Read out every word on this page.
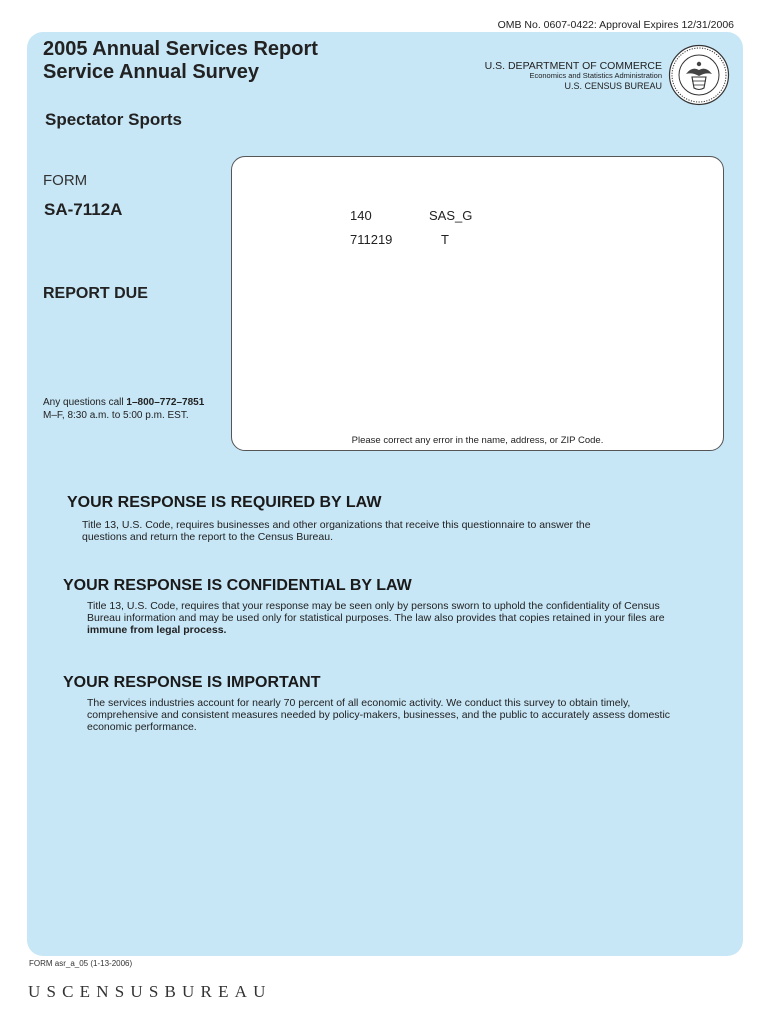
OMB No. 0607-0422: Approval Expires 12/31/2006
2005 Annual Services Report
Service Annual Survey	U.S. DEPARTMENT OF COMMERCE
Economics and Statistics Administration
U.S. CENSUS BUREAU
Spectator Sports
FORM
SA-7112A
REPORT DUE
Any questions call 1–800–772–7851
M–F, 8:30 a.m. to 5:00 p.m. EST.
140	SAS_G
711219	T
Please correct any error in the name, address, or ZIP Code.
YOUR RESPONSE IS REQUIRED BY LAW
Title 13, U.S. Code, requires businesses and other organizations that receive this questionnaire to answer the
questions and return the report to the Census Bureau.
YOUR RESPONSE IS CONFIDENTIAL BY LAW
Title 13, U.S. Code, requires that your response may be seen only by persons sworn to uphold the confidentiality of Census
Bureau information and may be used only for statistical purposes. The law also provides that copies retained in your files are
immune from legal process.
YOUR RESPONSE IS IMPORTANT
The services industries account for nearly 70 percent of all economic activity. We conduct this survey to obtain timely,
comprehensive and consistent measures needed by policy-makers, businesses, and the public to accurately assess domestic
economic performance.
FORM asr_a_05 (1-13-2006)
USCENSUSBUREAU
